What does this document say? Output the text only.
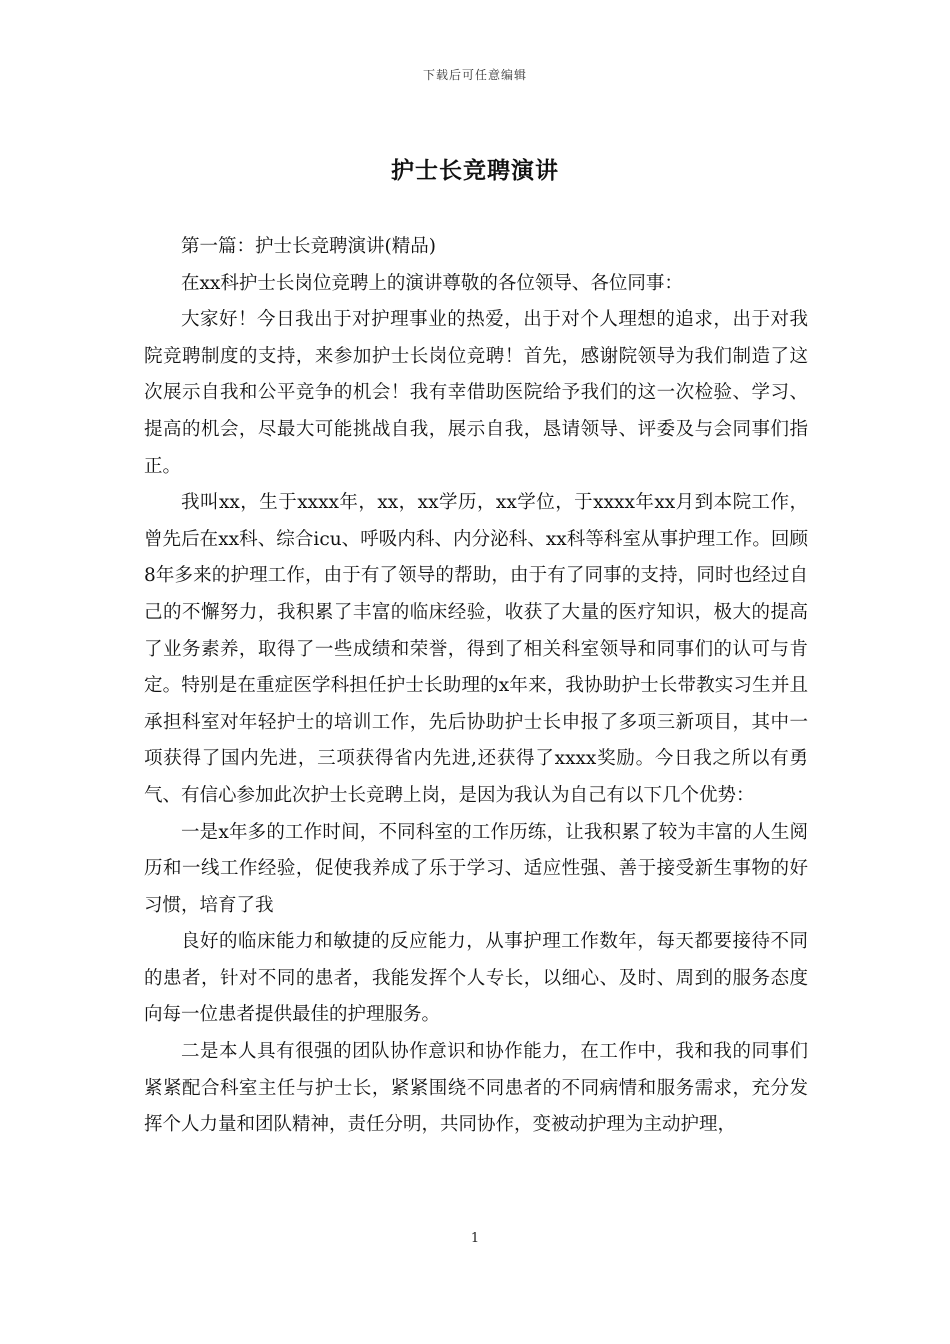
下载后可任意编辑
护士长竞聘演讲

第一篇：护士长竞聘演讲(精品)

在xx科护士长岗位竞聘上的演讲尊敬的各位领导、各位同事：

大家好！今日我出于对护理事业的热爱，出于对个人理想的追求，出于对我院竞聘制度的支持，来参加护士长岗位竞聘！首先，感谢院领导为我们制造了这次展示自我和公平竞争的机会！我有幸借助医院给予我们的这一次检验、学习、提高的机会，尽最大可能挑战自我，展示自我，恳请领导、评委及与会同事们指正。

我叫xx，生于xxxx年，xx，xx学历，xx学位，于xxxx年xx月到本院工作，曾先后在xx科、综合icu、呼吸内科、内分泌科、xx科等科室从事护理工作。回顾8年多来的护理工作，由于有了领导的帮助，由于有了同事的支持，同时也经过自己的不懈努力，我积累了丰富的临床经验，收获了大量的医疗知识，极大的提高了业务素养，取得了一些成绩和荣誉，得到了相关科室领导和同事们的认可与肯定。特别是在重症医学科担任护士长助理的x年来，我协助护士长带教实习生并且承担科室对年轻护士的培训工作，先后协助护士长申报了多项三新项目，其中一项获得了国内先进，三项获得省内先进,还获得了xxxx奖励。今日我之所以有勇气、有信心参加此次护士长竞聘上岗，是因为我认为自己有以下几个优势：

一是x年多的工作时间，不同科室的工作历练，让我积累了较为丰富的人生阅历和一线工作经验，促使我养成了乐于学习、适应性强、善于接受新生事物的好习惯，培育了我

良好的临床能力和敏捷的反应能力，从事护理工作数年，每天都要接待不同的患者，针对不同的患者，我能发挥个人专长，以细心、及时、周到的服务态度向每一位患者提供最佳的护理服务。

二是本人具有很强的团队协作意识和协作能力，在工作中，我和我的同事们紧紧配合科室主任与护士长，紧紧围绕不同患者的不同病情和服务需求，充分发挥个人力量和团队精神，责任分明，共同协作，变被动护理为主动护理，

1
